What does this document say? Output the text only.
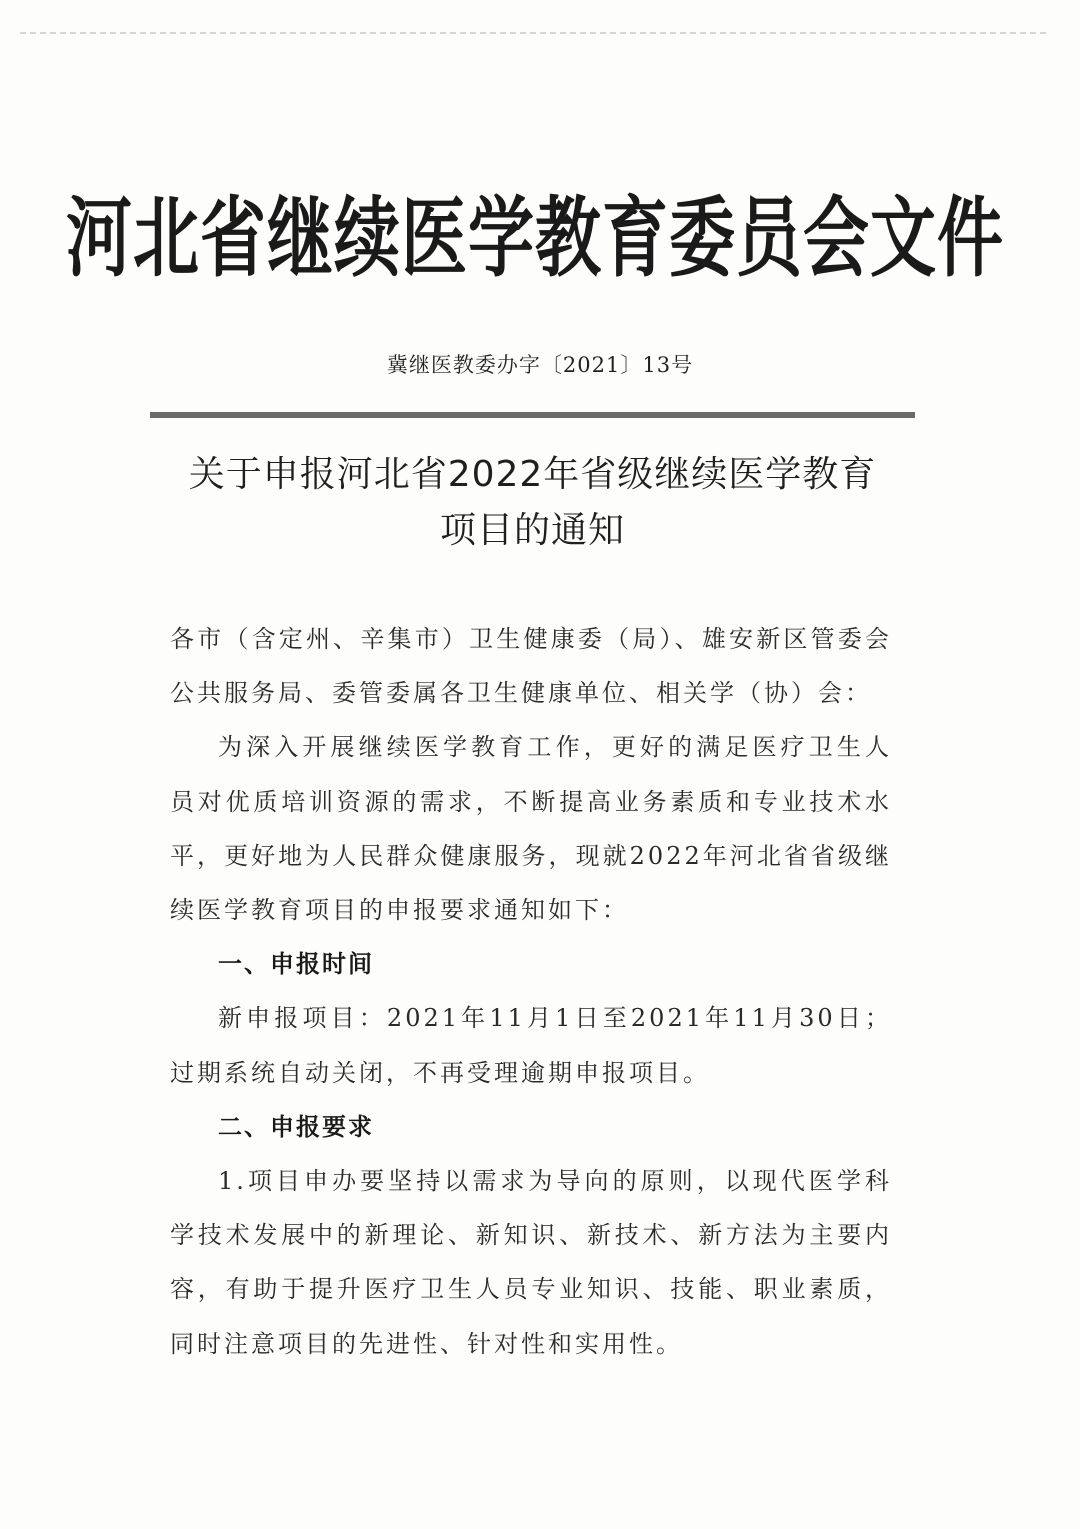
河北省继续医学教育委员会文件
冀继医教委办字〔2021〕13号
关于申报河北省2022年省级继续医学教育
项目的通知

各市（含定州、辛集市）卫生健康委（局）、雄安新区管委会公共服务局、委管委属各卫生健康单位、相关学（协）会：

为深入开展继续医学教育工作，更好的满足医疗卫生人员对优质培训资源的需求，不断提高业务素质和专业技术水平，更好地为人民群众健康服务，现就2022年河北省省级继续医学教育项目的申报要求通知如下：

一、申报时间

新申报项目：2021年11月1日至2021年11月30日；过期系统自动关闭，不再受理逾期申报项目。

二、申报要求

1.项目申办要坚持以需求为导向的原则，以现代医学科学技术发展中的新理论、新知识、新技术、新方法为主要内容，有助于提升医疗卫生人员专业知识、技能、职业素质，同时注意项目的先进性、针对性和实用性。
